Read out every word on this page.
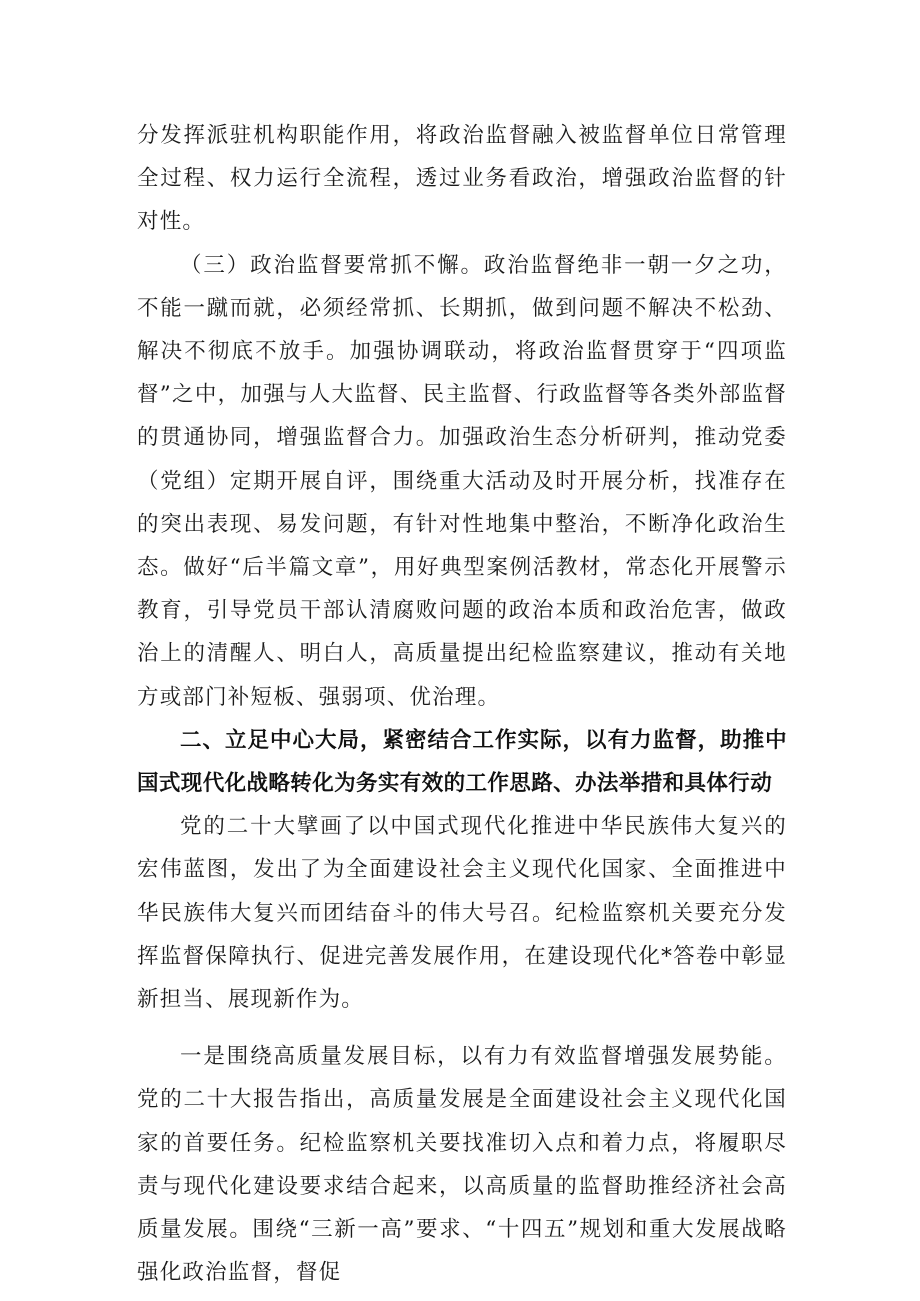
分发挥派驻机构职能作用，将政治监督融入被监督单位日常管理全过程、权力运行全流程，透过业务看政治，增强政治监督的针对性。

（三）政治监督要常抓不懈。政治监督绝非一朝一夕之功，不能一蹴而就，必须经常抓、长期抓，做到问题不解决不松劲、解决不彻底不放手。加强协调联动，将政治监督贯穿于“四项监督”之中，加强与人大监督、民主监督、行政监督等各类外部监督的贯通协同，增强监督合力。加强政治生态分析研判，推动党委（党组）定期开展自评，围绕重大活动及时开展分析，找准存在的突出表现、易发问题，有针对性地集中整治，不断净化政治生态。做好“后半篇文章”，用好典型案例活教材，常态化开展警示教育，引导党员干部认清腐败问题的政治本质和政治危害，做政治上的清醒人、明白人，高质量提出纪检监察建议，推动有关地方或部门补短板、强弱项、优治理。

二、立足中心大局，紧密结合工作实际，以有力监督，助推中国式现代化战略转化为务实有效的工作思路、办法举措和具体行动

党的二十大擘画了以中国式现代化推进中华民族伟大复兴的宏伟蓝图，发出了为全面建设社会主义现代化国家、全面推进中华民族伟大复兴而团结奋斗的伟大号召。纪检监察机关要充分发挥监督保障执行、促进完善发展作用，在建设现代化*答卷中彰显新担当、展现新作为。

一是围绕高质量发展目标，以有力有效监督增强发展势能。党的二十大报告指出，高质量发展是全面建设社会主义现代化国家的首要任务。纪检监察机关要找准切入点和着力点，将履职尽责与现代化建设要求结合起来，以高质量的监督助推经济社会高质量发展。围绕“三新一高”要求、“十四五”规划和重大发展战略强化政治监督，督促
